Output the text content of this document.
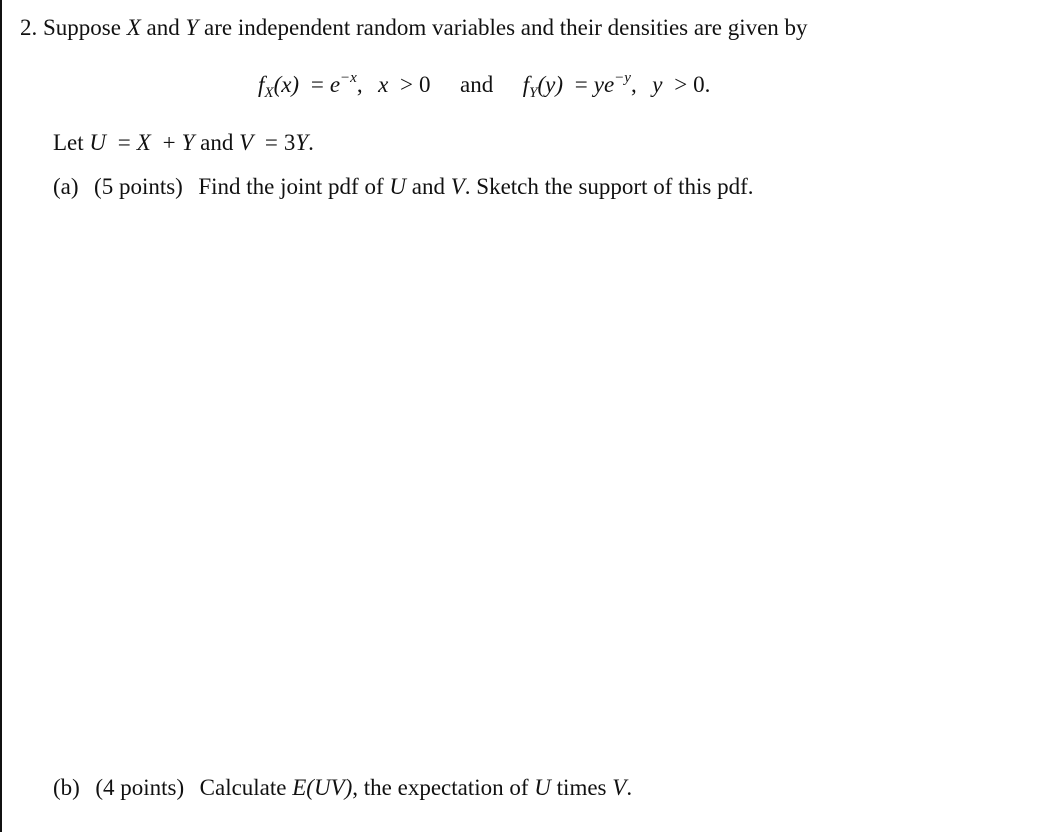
2. Suppose X and Y are independent random variables and their densities are given by
$f_X(x) = e^{-x}$, x > 0 and $f_Y(y) = ye^{-y}$, y > 0.
Let U = X + Y and V = 3Y.
(a) (5 points) Find the joint pdf of U and V. Sketch the support of this pdf.
(b) (4 points) Calculate E(UV), the expectation of U times V.
